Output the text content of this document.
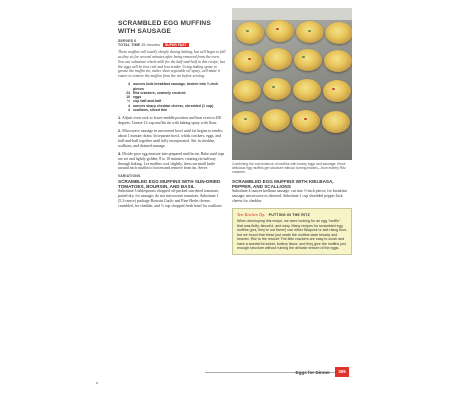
SCRAMBLED EGG MUFFINS WITH SAUSAGE
SERVES 6
TOTAL TIME 35 minutes SUPER FAST

These muffins will totally sleeply during baking, but will begin to fall as they sit for several minutes after being removed from the oven. You can substitute whole milk for the half-and-half in this recipe, but the eggs will be less rich and less tender. Using baking spray to grease the muffin tin, rather than vegetable oil spray, will make it easier to remove the muffins from the tin before serving.

4 ounces bulk breakfast sausage, broken into ½-inch pieces
24 Ritz crackers, coarsely crushed
10 eggs
½ cup half-and-half
4 ounces sharp cheddar cheese, shredded (1 cup)
4 scallions, sliced thin

1. Adjust oven rack to lower-middle position and heat oven to 450 degrees. Grease 12-cup muffin tin with baking spray with flour.

2. Microwave sausage in uncovered bowl until fat begins to render, about 1 minute; drain. In separate bowl, whisk crackers, eggs, and half-and-half together until fully incorporated. Stir in cheddar, scallions, and drained sausage.

3. Divide poor egg mixture into prepared muffin tin. Bake until tops are set and lightly golden, 8 to 10 minutes, rotating tin halfway through baking. Let muffins cool slightly, then run small knife around each muffin to loosen and remove from tin. Serve.

VARIATIONS
SCRAMBLED EGG MUFFINS WITH SUN-DRIED TOMATOES, BOURSIN, AND BASIL

Substitute 3 tablespoons chopped oil-packed sun-dried tomatoes, patted dry, for sausage; do not microwave tomatoes. Substitute 1 (5.2-ounce) package Boursin Garlic and Fine Herbs cheese, crumbled, for cheddar, and ⅓ cup chopped fresh basil for scallions.

Combining the convenience of muffins with hearty eggs and sausage, these delicious egg muffins get structure without turning leaden—from buttery Ritz crackers.
SCRAMBLED EGG MUFFINS WITH KIELBASA, PEPPER, AND SCALLIONS

Substitute 4 ounces kielbasa sausage, cut into ½-inch pieces, for breakfast sausage; microwave as directed. Substitute 1 cup shredded pepper Jack cheese for cheddar.

Test Kitchen Tip: PUTTING IN THE RITZ

When developing this recipe, we were looking for an egg "muffin" that was fluffy, flavorful, and easy. Many recipes for scrambled egg muffins (yes, they're out there!) use either Bisquick or self-rising flour, but we found that these just made the muffins taste bready and heavier. Ritz to the rescue! The little crackers are easy to crush and have a wonderful sweet, buttery flavor, and they give the muffins just enough structure without ruining the delicate texture of the eggs.

Eggs for Dinner	309
